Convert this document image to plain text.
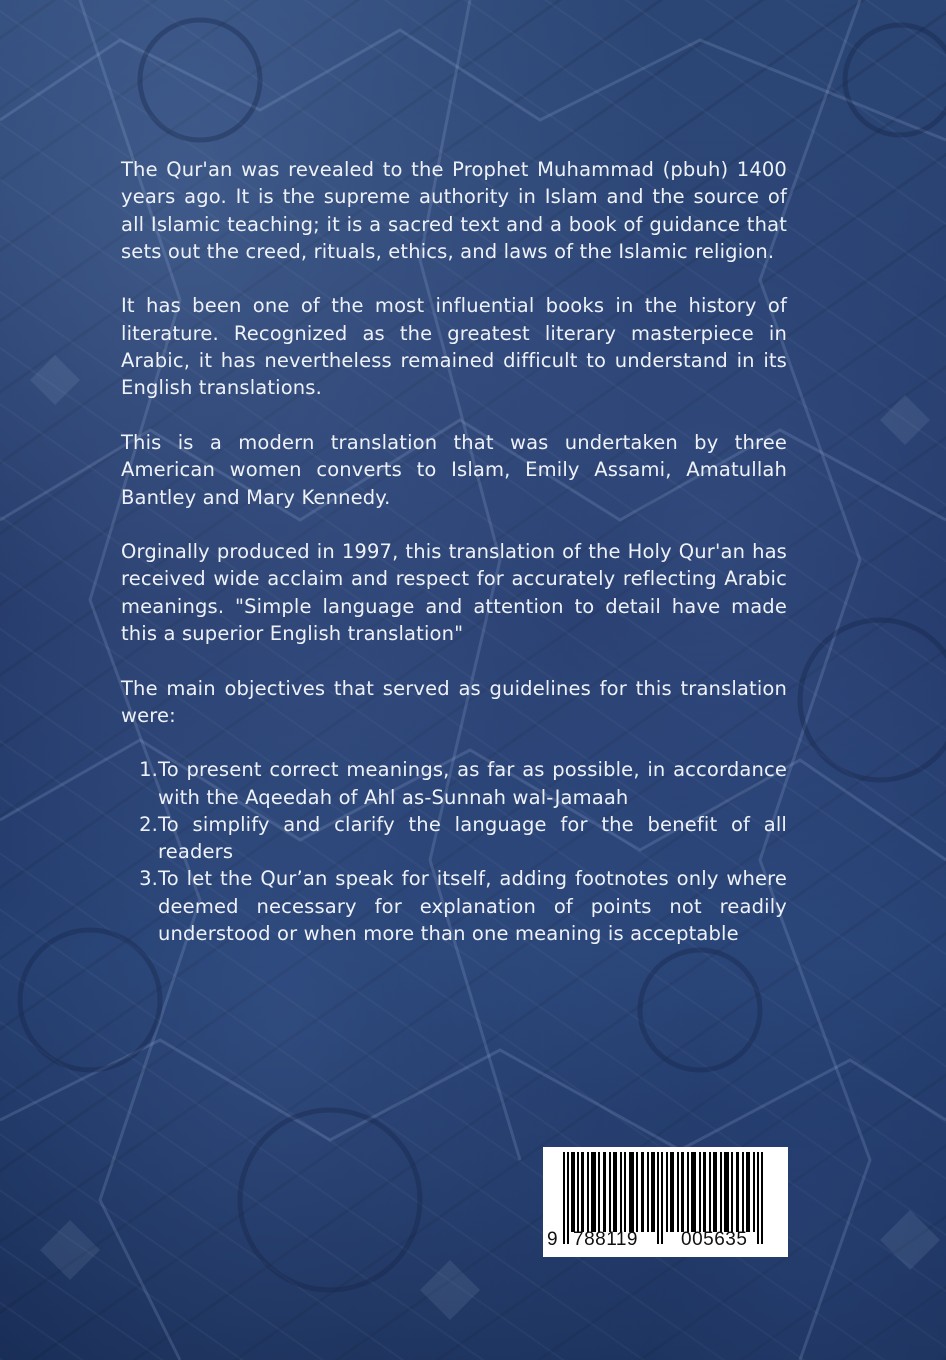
The Qur'an was revealed to the Prophet Muhammad (pbuh) 1400 years ago. It is the supreme authority in Islam and the source of all Islamic teaching; it is a sacred text and a book of guidance that sets out the creed, rituals, ethics, and laws of the Islamic religion.

It has been one of the most influential books in the history of literature. Recognized as the greatest literary masterpiece in Arabic, it has nevertheless remained difficult to understand in its English translations.

This is a modern translation that was undertaken by three American women converts to Islam, Emily Assami, Amatullah Bantley and Mary Kennedy.

Orginally produced in 1997, this translation of the Holy Qur'an has received wide acclaim and respect for accurately reflecting Arabic meanings. "Simple language and attention to detail have made this a superior English translation"

The main objectives that served as guidelines for this translation were:

1. To present correct meanings, as far as possible, in accordance with the Aqeedah of Ahl as-Sunnah wal-Jamaah
2. To simplify and clarify the language for the benefit of all readers
3. To let the Qur’an speak for itself, adding footnotes only where deemed necessary for explanation of points not readily understood or when more than one meaning is acceptable
9 788119 005635
